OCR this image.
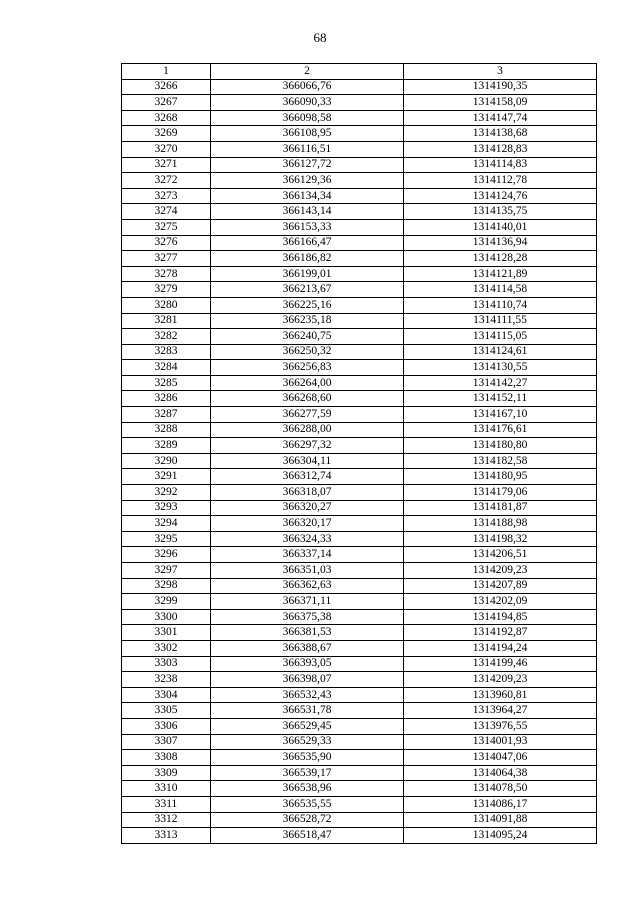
68
1	2	3
3266	366066,76	1314190,35
3267	366090,33	1314158,09
3268	366098,58	1314147,74
3269	366108,95	1314138,68
3270	366116,51	1314128,83
3271	366127,72	1314114,83
3272	366129,36	1314112,78
3273	366134,34	1314124,76
3274	366143,14	1314135,75
3275	366153,33	1314140,01
3276	366166,47	1314136,94
3277	366186,82	1314128,28
3278	366199,01	1314121,89
3279	366213,67	1314114,58
3280	366225,16	1314110,74
3281	366235,18	1314111,55
3282	366240,75	1314115,05
3283	366250,32	1314124,61
3284	366256,83	1314130,55
3285	366264,00	1314142,27
3286	366268,60	1314152,11
3287	366277,59	1314167,10
3288	366288,00	1314176,61
3289	366297,32	1314180,80
3290	366304,11	1314182,58
3291	366312,74	1314180,95
3292	366318,07	1314179,06
3293	366320,27	1314181,87
3294	366320,17	1314188,98
3295	366324,33	1314198,32
3296	366337,14	1314206,51
3297	366351,03	1314209,23
3298	366362,63	1314207,89
3299	366371,11	1314202,09
3300	366375,38	1314194,85
3301	366381,53	1314192,87
3302	366388,67	1314194,24
3303	366393,05	1314199,46
3238	366398,07	1314209,23
3304	366532,43	1313960,81
3305	366531,78	1313964,27
3306	366529,45	1313976,55
3307	366529,33	1314001,93
3308	366535,90	1314047,06
3309	366539,17	1314064,38
3310	366538,96	1314078,50
3311	366535,55	1314086,17
3312	366528,72	1314091,88
3313	366518,47	1314095,24
